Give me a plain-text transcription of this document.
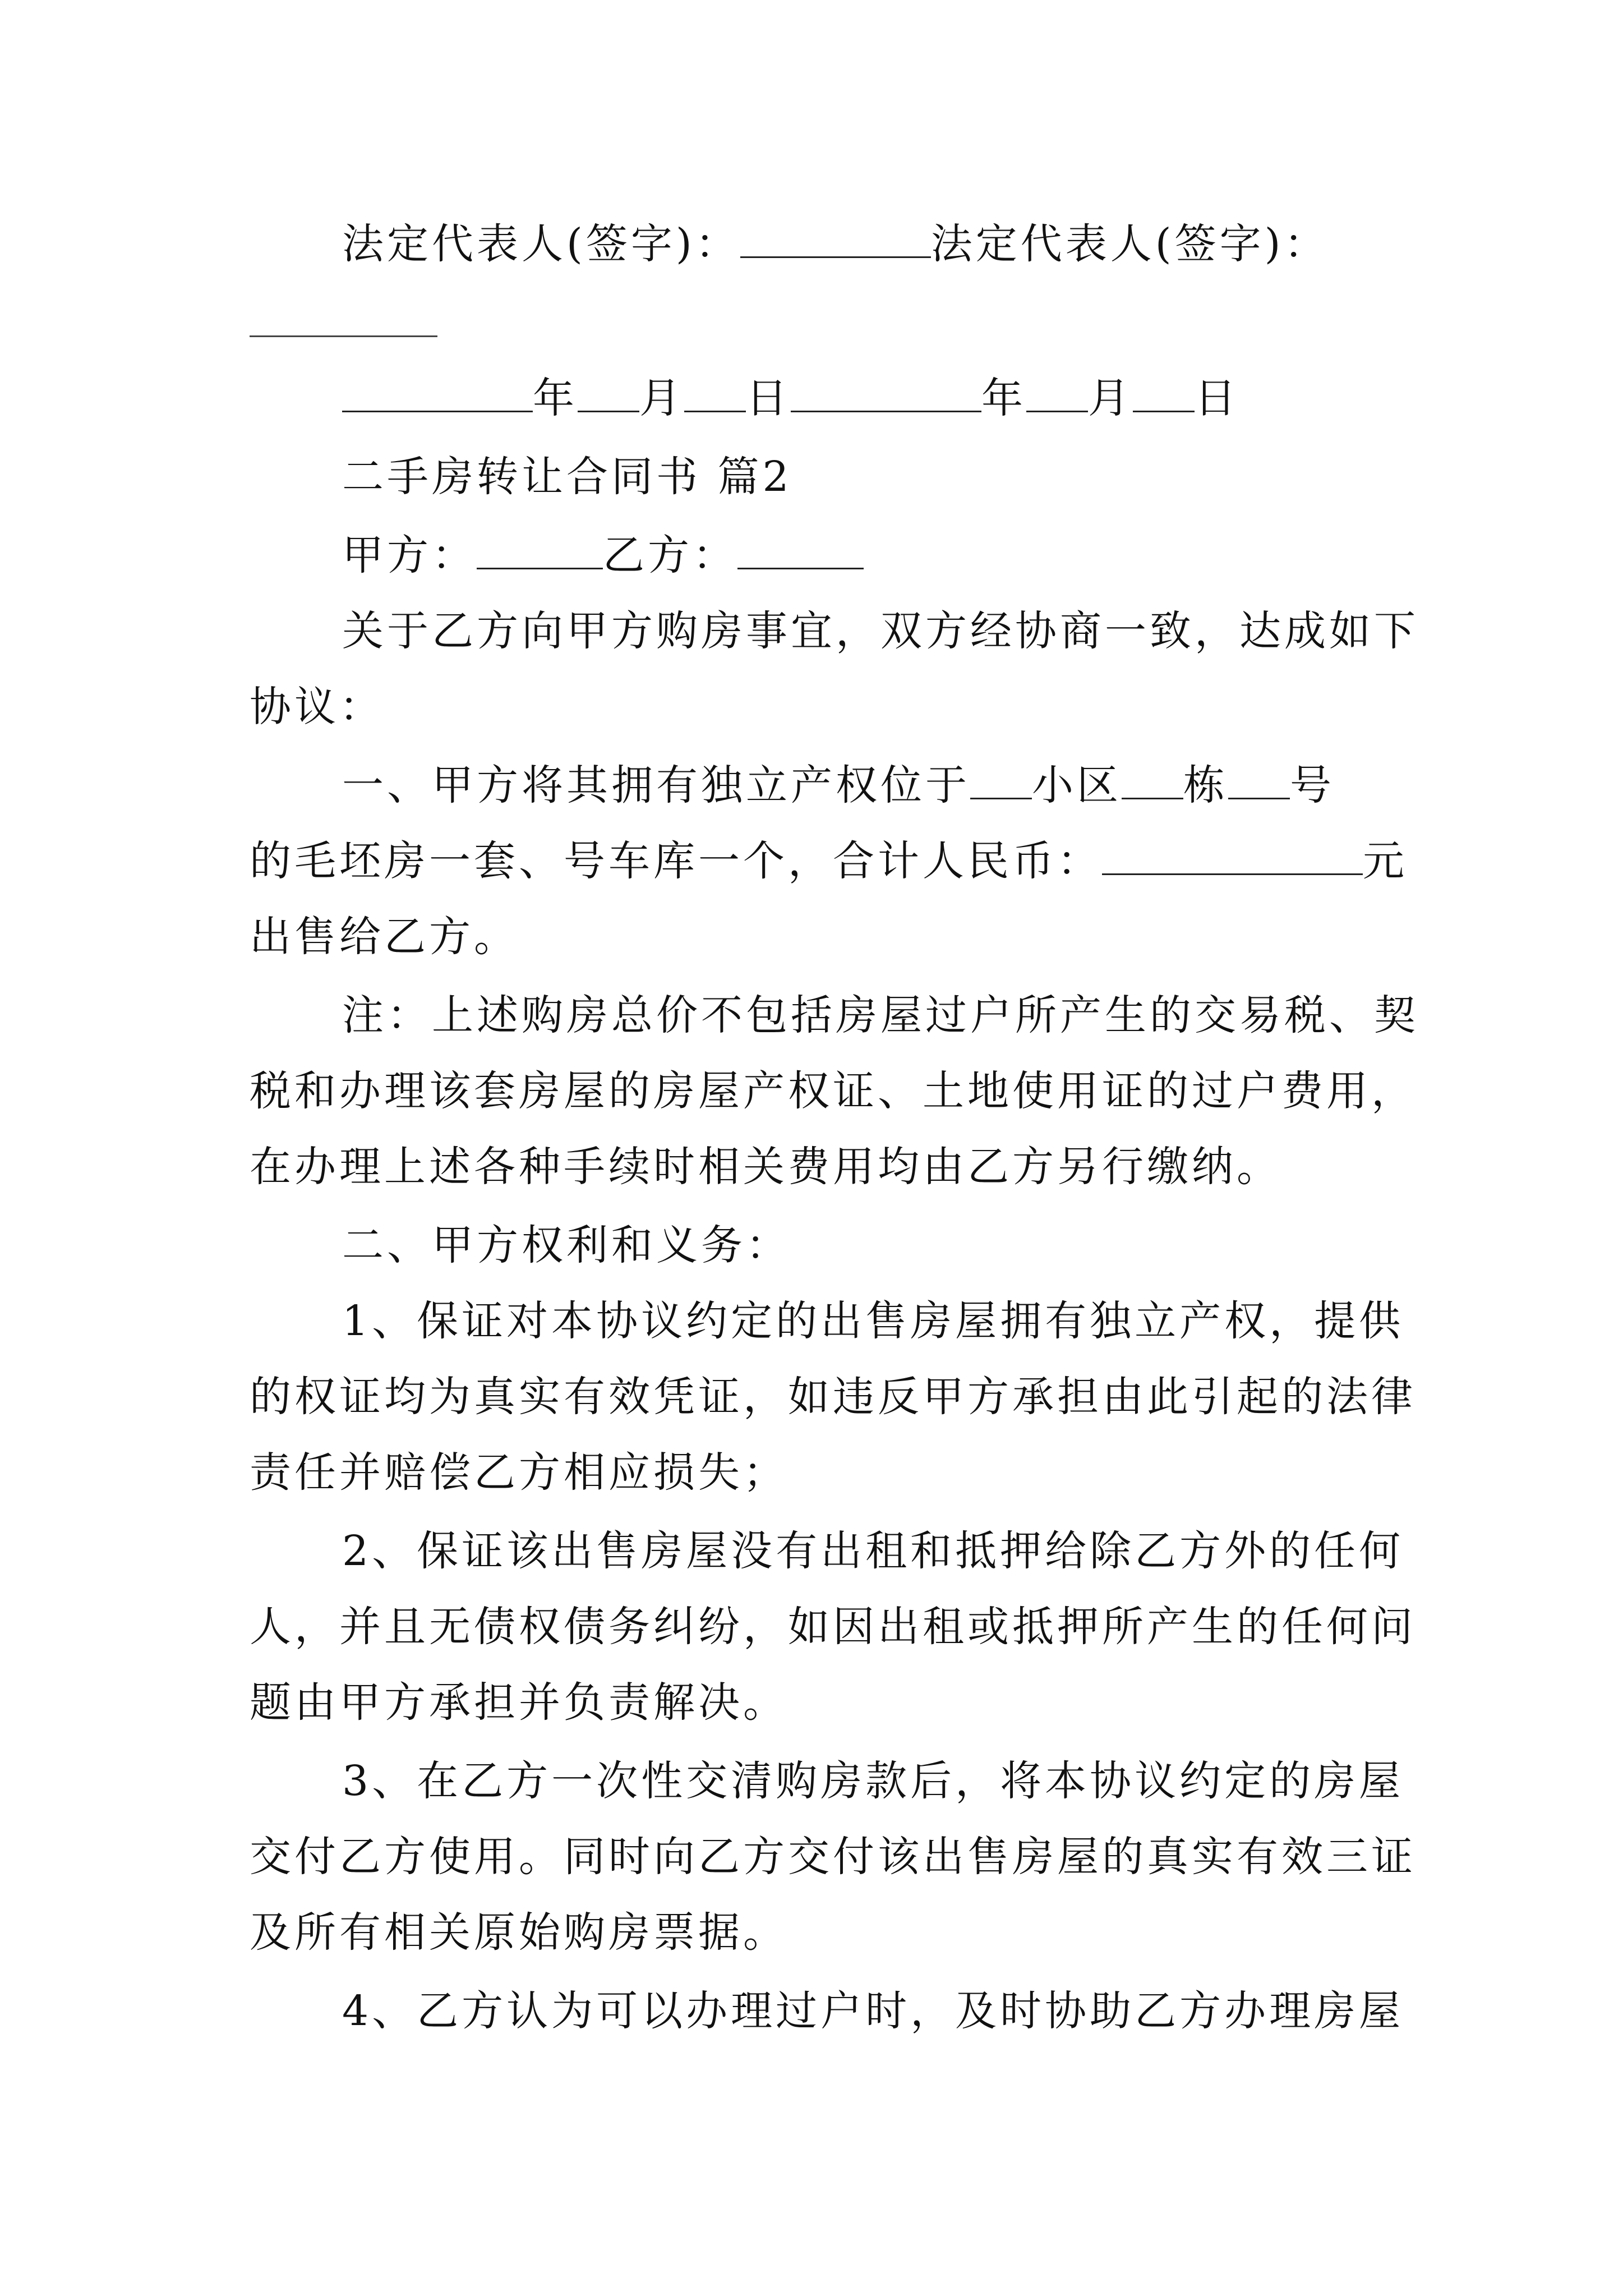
法定代表人(签字)：	法定代表人(签字)：
年 月 日	年 月 日
二手房转让合同书 篇2
甲方：	乙方：
关于乙方向甲方购房事宜，双方经协商一致，达成如下
协议：
一、甲方将其拥有独立产权位于 小区 栋 号
的毛坯房一套、号车库一个，合计人民币：	元
出售给乙方。
注：上述购房总价不包括房屋过户所产生的交易税、契
税和办理该套房屋的房屋产权证、土地使用证的过户费用，
在办理上述各种手续时相关费用均由乙方另行缴纳。
二、甲方权利和义务：
1、保证对本协议约定的出售房屋拥有独立产权，提供
的权证均为真实有效凭证，如违反甲方承担由此引起的法律
责任并赔偿乙方相应损失；
2、保证该出售房屋没有出租和抵押给除乙方外的任何
人，并且无债权债务纠纷，如因出租或抵押所产生的任何问
题由甲方承担并负责解决。
3、在乙方一次性交清购房款后，将本协议约定的房屋
交付乙方使用。同时向乙方交付该出售房屋的真实有效三证
及所有相关原始购房票据。
4、乙方认为可以办理过户时，及时协助乙方办理房屋
